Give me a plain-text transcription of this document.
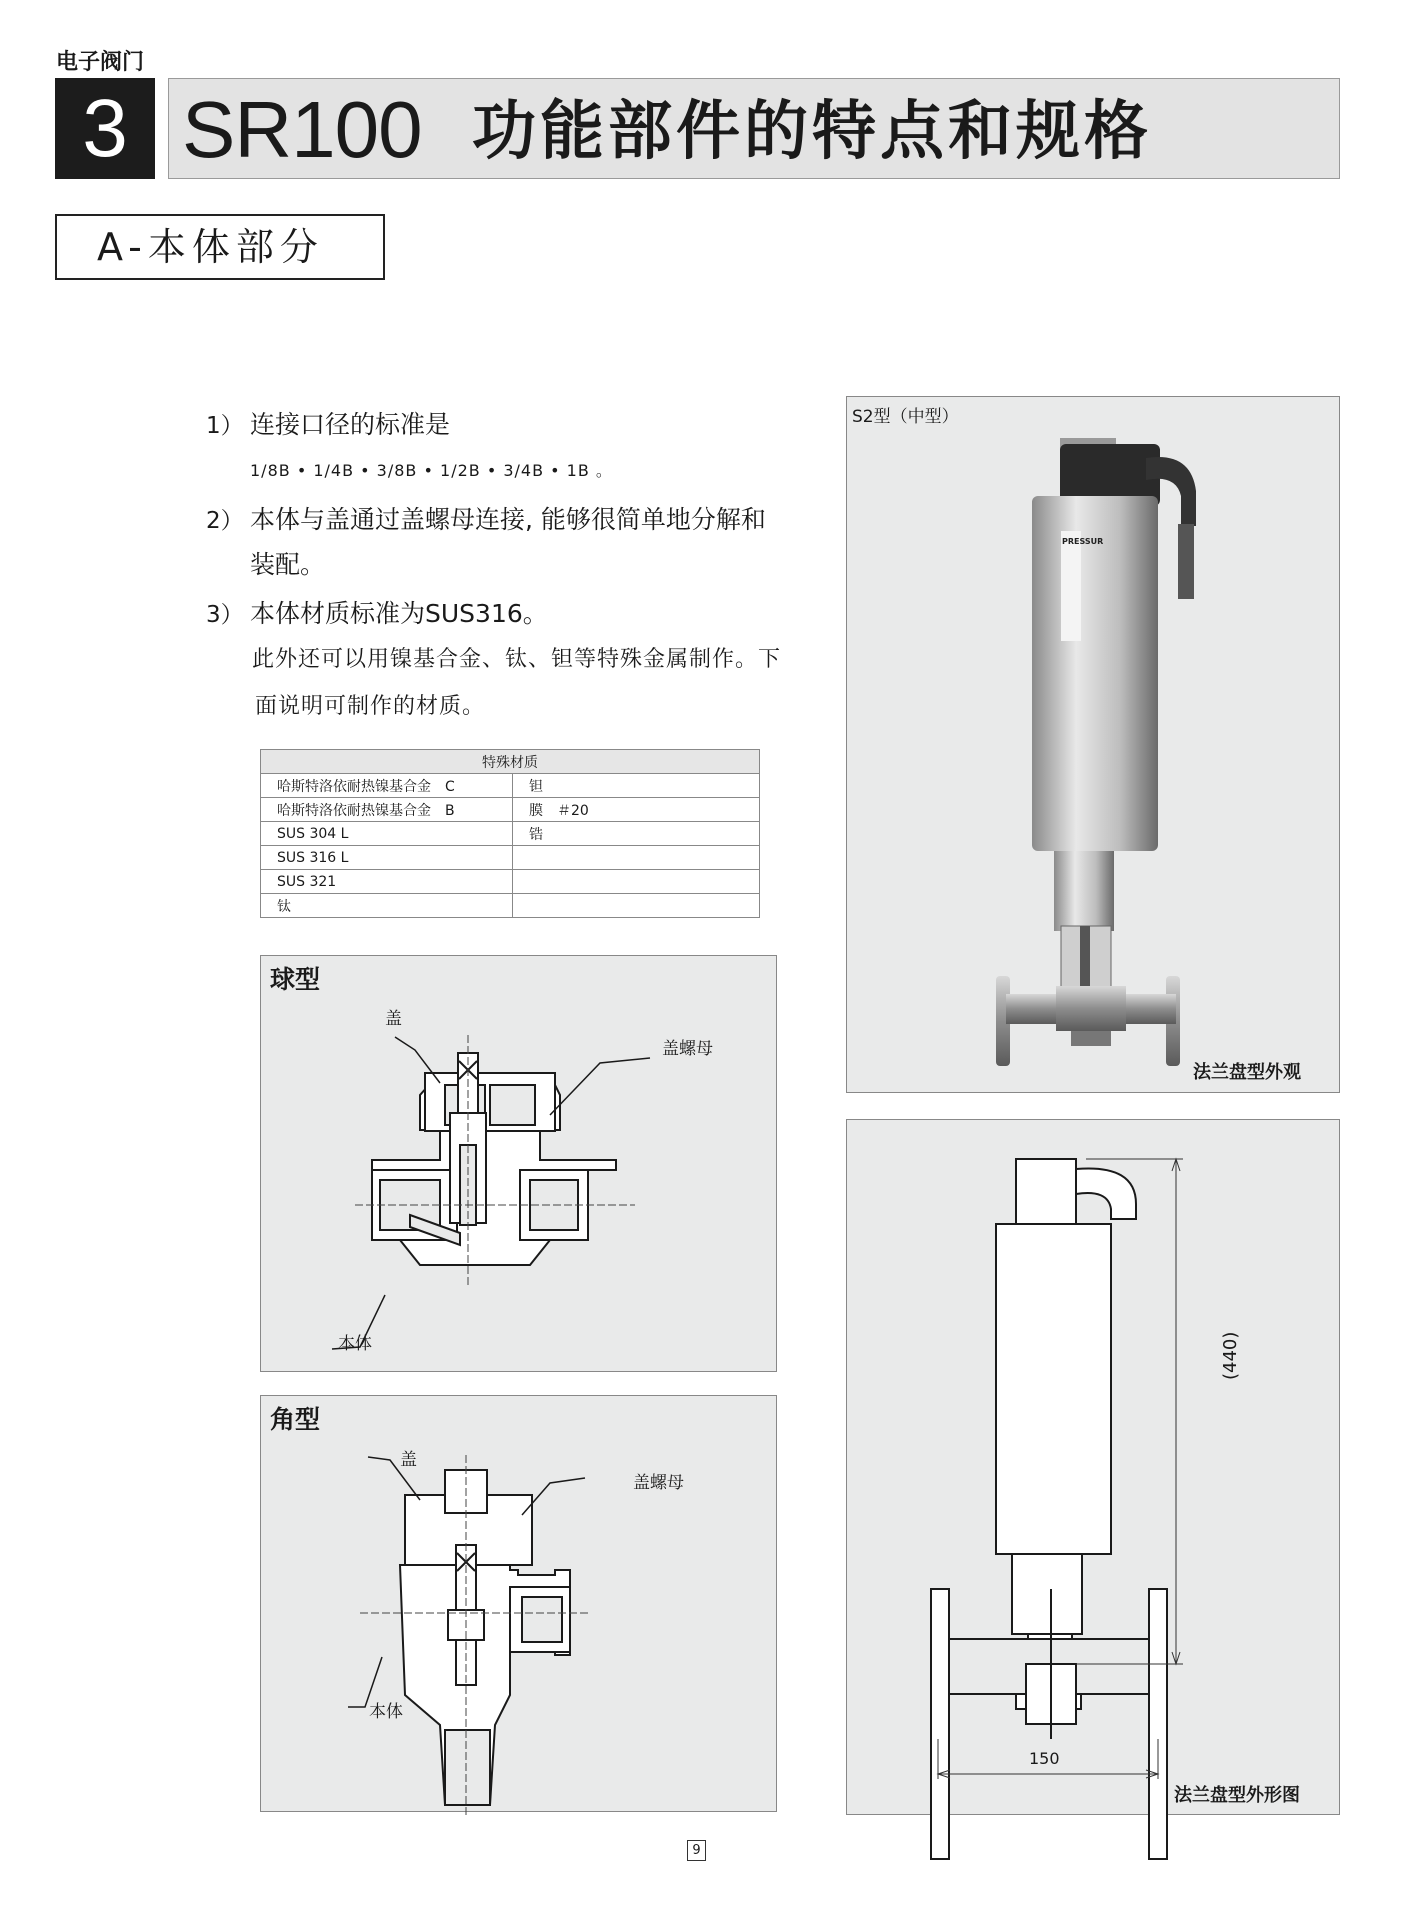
电子阀门
3 SR100 功能部件的特点和规格
A-本体部分
1） 连接口径的标准是
1/8B • 1/4B • 3/8B • 1/2B • 3/4B • 1B 。
2） 本体与盖通过盖螺母连接, 能够很简单地分解和
装配。
3） 本体材质标准为SUS316。
此外还可以用镍基合金、钛、钽等特殊金属制作。下
面说明可制作的材质。
特殊材质	
哈斯特洛依耐热镍基合金　C	钽
哈斯特洛依耐热镍基合金　B	膜　＃20
SUS 304 L	锆
SUS 316 L	
SUS 321	
钛	
球型
盖
盖螺母
本体
角型
盖
盖螺母
本体
S2型（中型）
PRESSUR
法兰盘型外观
(440)
150
法兰盘型外形图
9
